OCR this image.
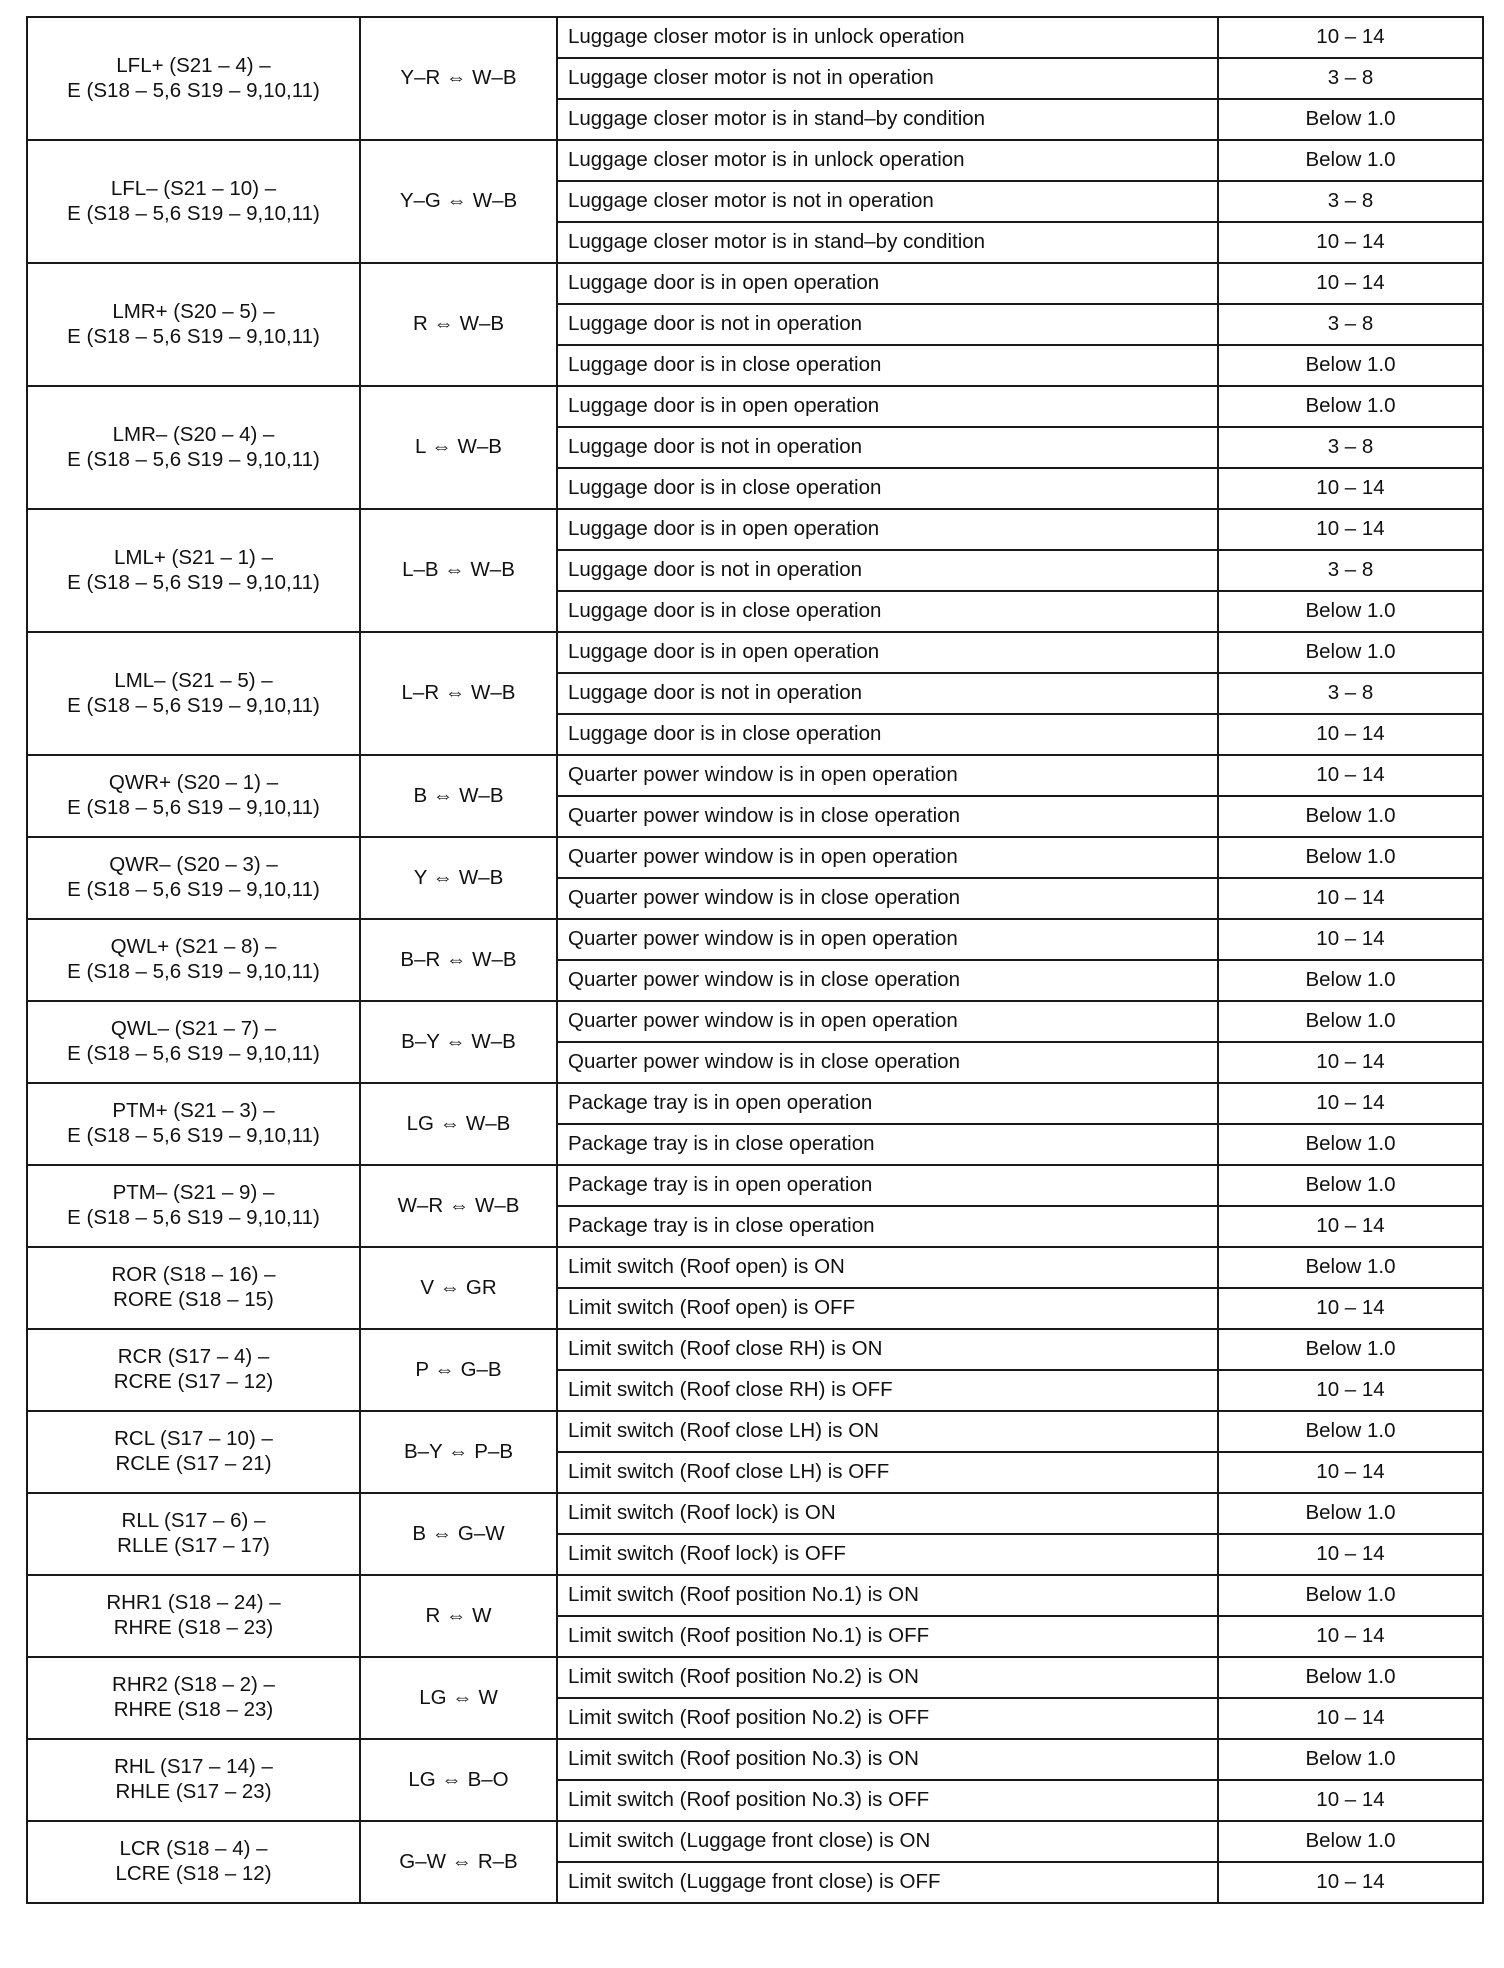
LFL+ (S21 – 4) –
E (S18 – 5,6 S19 – 9,10,11)	Y–R ⇔ W–B	Luggage closer motor is in unlock operation	10 – 14
		Luggage closer motor is not in operation	3 – 8
		Luggage closer motor is in stand–by condition	Below 1.0

LFL– (S21 – 10) –
E (S18 – 5,6 S19 – 9,10,11)	Y–G ⇔ W–B	Luggage closer motor is in unlock operation	Below 1.0
		Luggage closer motor is not in operation	3 – 8
		Luggage closer motor is in stand–by condition	10 – 14

LMR+ (S20 – 5) –
E (S18 – 5,6 S19 – 9,10,11)	R ⇔ W–B	Luggage door is in open operation	10 – 14
		Luggage door is not in operation	3 – 8
		Luggage door is in close operation	Below 1.0

LMR– (S20 – 4) –
E (S18 – 5,6 S19 – 9,10,11)	L ⇔ W–B	Luggage door is in open operation	Below 1.0
		Luggage door is not in operation	3 – 8
		Luggage door is in close operation	10 – 14

LML+ (S21 – 1) –
E (S18 – 5,6 S19 – 9,10,11)	L–B ⇔ W–B	Luggage door is in open operation	10 – 14
		Luggage door is not in operation	3 – 8
		Luggage door is in close operation	Below 1.0

LML– (S21 – 5) –
E (S18 – 5,6 S19 – 9,10,11)	L–R ⇔ W–B	Luggage door is in open operation	Below 1.0
		Luggage door is not in operation	3 – 8
		Luggage door is in close operation	10 – 14

QWR+ (S20 – 1) –
E (S18 – 5,6 S19 – 9,10,11)	B ⇔ W–B	Quarter power window is in open operation	10 – 14
		Quarter power window is in close operation	Below 1.0

QWR– (S20 – 3) –
E (S18 – 5,6 S19 – 9,10,11)	Y ⇔ W–B	Quarter power window is in open operation	Below 1.0
		Quarter power window is in close operation	10 – 14

QWL+ (S21 – 8) –
E (S18 – 5,6 S19 – 9,10,11)	B–R ⇔ W–B	Quarter power window is in open operation	10 – 14
		Quarter power window is in close operation	Below 1.0

QWL– (S21 – 7) –
E (S18 – 5,6 S19 – 9,10,11)	B–Y ⇔ W–B	Quarter power window is in open operation	Below 1.0
		Quarter power window is in close operation	10 – 14

PTM+ (S21 – 3) –
E (S18 – 5,6 S19 – 9,10,11)	LG ⇔ W–B	Package tray is in open operation	10 – 14
		Package tray is in close operation	Below 1.0

PTM– (S21 – 9) –
E (S18 – 5,6 S19 – 9,10,11)	W–R ⇔ W–B	Package tray is in open operation	Below 1.0
		Package tray is in close operation	10 – 14

ROR (S18 – 16) –
RORE (S18 – 15)	V ⇔ GR	Limit switch (Roof open) is ON	Below 1.0
		Limit switch (Roof open) is OFF	10 – 14

RCR (S17 – 4) –
RCRE (S17 – 12)	P ⇔ G–B	Limit switch (Roof close RH) is ON	Below 1.0
		Limit switch (Roof close RH) is OFF	10 – 14

RCL (S17 – 10) –
RCLE (S17 – 21)	B–Y ⇔ P–B	Limit switch (Roof close LH) is ON	Below 1.0
		Limit switch (Roof close LH) is OFF	10 – 14

RLL (S17 – 6) –
RLLE (S17 – 17)	B ⇔ G–W	Limit switch (Roof lock) is ON	Below 1.0
		Limit switch (Roof lock) is OFF	10 – 14

RHR1 (S18 – 24) –
RHRE (S18 – 23)	R ⇔ W	Limit switch (Roof position No.1) is ON	Below 1.0
		Limit switch (Roof position No.1) is OFF	10 – 14

RHR2 (S18 – 2) –
RHRE (S18 – 23)	LG ⇔ W	Limit switch (Roof position No.2) is ON	Below 1.0
		Limit switch (Roof position No.2) is OFF	10 – 14

RHL (S17 – 14) –
RHLE (S17 – 23)	LG ⇔ B–O	Limit switch (Roof position No.3) is ON	Below 1.0
		Limit switch (Roof position No.3) is OFF	10 – 14

LCR (S18 – 4) –
LCRE (S18 – 12)	G–W ⇔ R–B	Limit switch (Luggage front close) is ON	Below 1.0
		Limit switch (Luggage front close) is OFF	10 – 14
